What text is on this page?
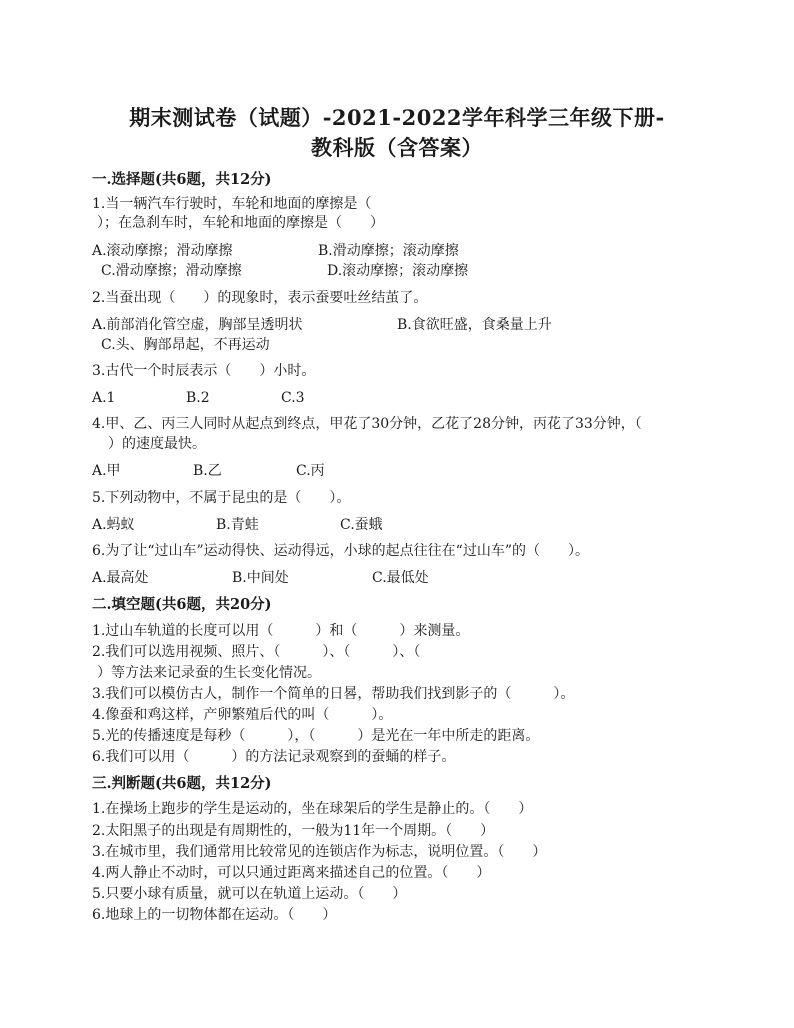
期末测试卷（试题）-2021-2022学年科学三年级下册-
教科版（含答案）
一.选择题(共6题，共12分)
1.当一辆汽车行驶时，车轮和地面的摩擦是（
）；在急刹车时，车轮和地面的摩擦是（　　）
A.滚动摩擦；滑动摩擦	B.滑动摩擦；滚动摩擦
C.滑动摩擦；滑动摩擦	D.滚动摩擦；滚动摩擦
2.当蚕出现（　　）的现象时，表示蚕要吐丝结茧了。
A.前部消化管空虚，胸部呈透明状	B.食欲旺盛，食桑量上升
C.头、胸部昂起，不再运动
3.古代一个时辰表示（　　）小时。
A.1	B.2	C.3
4.甲、乙、丙三人同时从起点到终点，甲花了30分钟，乙花了28分钟，丙花了33分钟，（
）的速度最快。
A.甲	B.乙	C.丙
5.下列动物中，不属于昆虫的是（　　）。
A.蚂蚁	B.青蛙	C.蚕蛾
6.为了让“过山车”运动得快、运动得远，小球的起点往往在“过山车”的（　　）。
A.最高处	B.中间处	C.最低处
二.填空题(共6题，共20分)
1.过山车轨道的长度可以用（　　　）和（　　　）来测量。
2.我们可以选用视频、照片、（　　　）、（　　　）、（
）等方法来记录蚕的生长变化情况。
3.我们可以模仿古人，制作一个简单的日晷，帮助我们找到影子的（　　　）。
4.像蚕和鸡这样，产卵繁殖后代的叫（　　　）。
5.光的传播速度是每秒（　　　），（　　　）是光在一年中所走的距离。
6.我们可以用（　　　）的方法记录观察到的蚕蛹的样子。
三.判断题(共6题，共12分)
1.在操场上跑步的学生是运动的，坐在球架后的学生是静止的。（　　）
2.太阳黑子的出现是有周期性的，一般为11年一个周期。（　　）
3.在城市里，我们通常用比较常见的连锁店作为标志，说明位置。（　　）
4.两人静止不动时，可以只通过距离来描述自己的位置。（　　）
5.只要小球有质量，就可以在轨道上运动。（　　）
6.地球上的一切物体都在运动。（　　）
